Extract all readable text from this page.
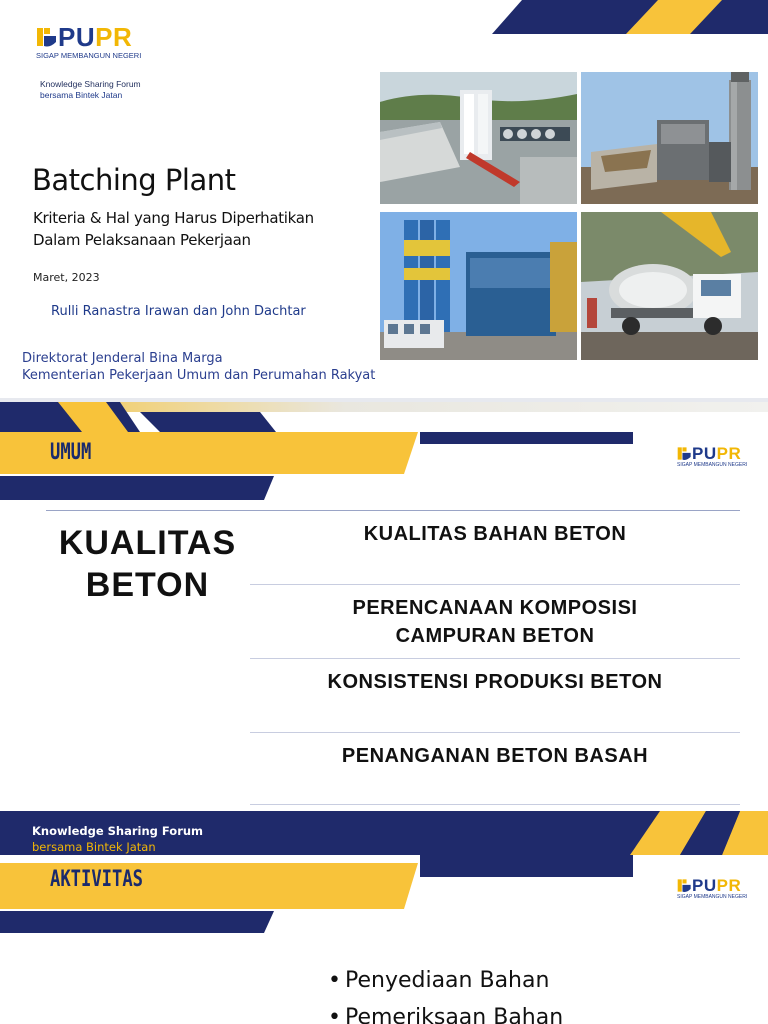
PUPR
SIGAP MEMBANGUN NEGERI
Knowledge Sharing Forum
bersama Bintek Jatan
Batching Plant
Kriteria & Hal yang Harus Diperhatikan
Dalam Pelaksanaan Pekerjaan
Maret, 2023
Rulli Ranastra Irawan dan John Dachtar
Direktorat Jenderal Bina Marga
Kementerian Pekerjaan Umum dan Perumahan Rakyat
UMUM	PUPR
SIGAP MEMBANGUN NEGERI
KUALITAS
BETON
KUALITAS BAHAN BETON
PERENCANAAN KOMPOSISI
CAMPURAN BETON
KONSISTENSI PRODUKSI BETON
PENANGANAN BETON BASAH
Knowledge Sharing Forum
bersama Bintek Jatan
AKTIVITAS	PUPR
SIGAP MEMBANGUN NEGERI
• Penyediaan Bahan
• Pemeriksaan Bahan
